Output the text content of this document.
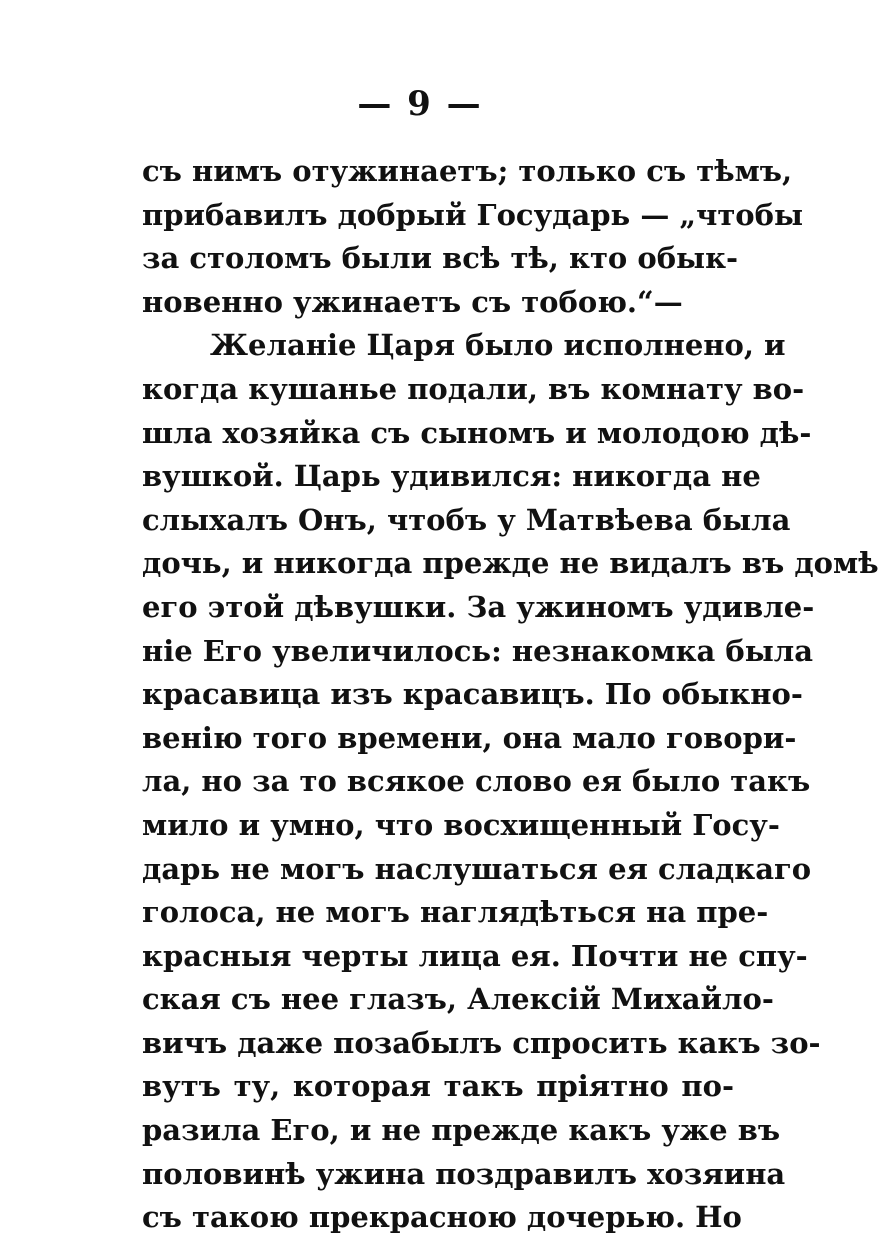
— 9 —
съ нимъ отужинаетъ; только съ тѣмъ,
прибавилъ добрый Государь — „чтобы
за столомъ были всѣ тѣ, кто обык-
новенно ужинаетъ съ тобою.“—
Желаніе Царя было исполнено, и
когда кушанье подали, въ комнату во-
шла хозяйка съ сыномъ и молодою дѣ-
вушкой. Царь удивился: никогда не
слыхалъ Онъ, чтобъ у Матвѣева была
дочь, и никогда прежде не видалъ въ домѣ
его этой дѣвушки. За ужиномъ удивле-
ніе Его увеличилось: незнакомка была
красавица изъ красавицъ. По обыкно-
венію того времени, она мало говори-
ла, но за то всякое слово ея было такъ
мило и умно, что восхищенный Госу-
дарь не могъ наслушаться ея сладкаго
голоса, не могъ наглядѣться на пре-
красныя черты лица ея. Почти не спу-
ская съ нее глазъ, Алексій Михайло-
вичъ даже позабылъ спросить какъ зо-
вутъ ту, которая такъ пріятно по-
разила Его, и не прежде какъ уже въ
половинѣ ужина поздравилъ хозяина
съ такою прекрасною дочерью. Но
